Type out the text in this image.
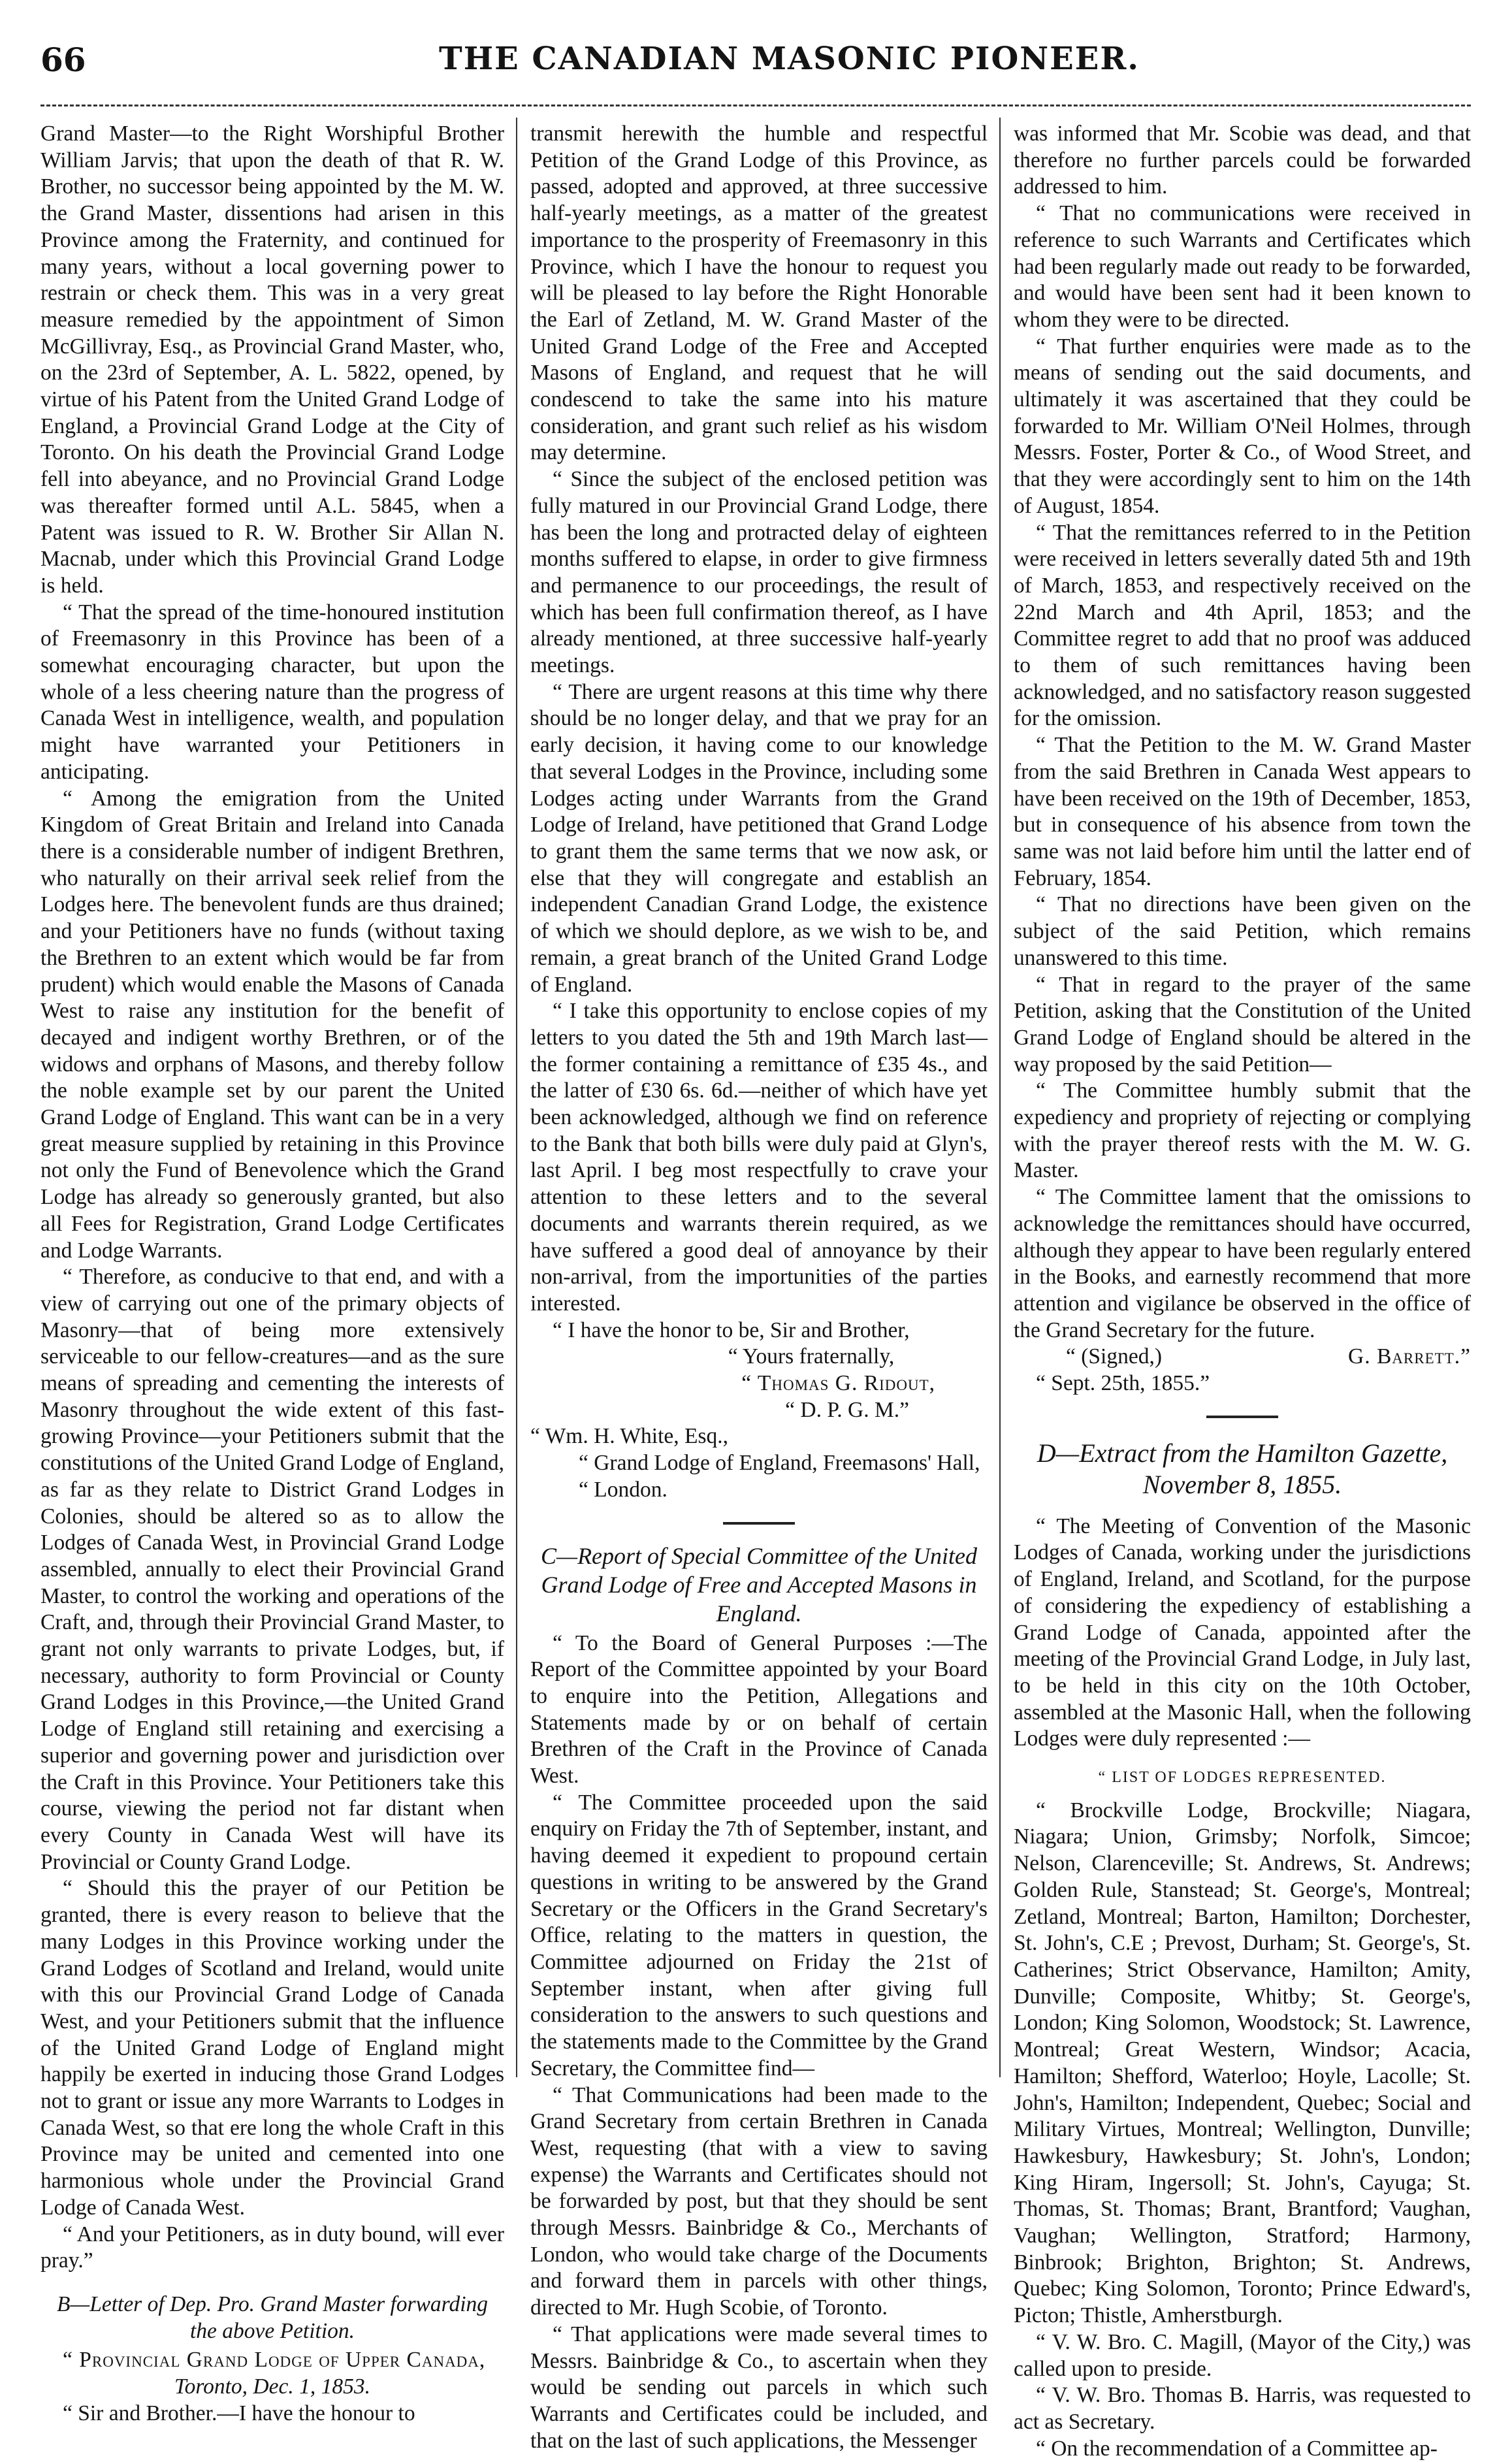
66	THE CANADIAN MASONIC PIONEER.

Grand Master—to the Right Worshipful Brother William Jarvis; that upon the death of that R. W. Brother, no successor being appointed by the M. W. the Grand Master, dissentions had arisen in this Province among the Fraternity, and continued for many years, without a local governing power to restrain or check them. This was in a very great measure remedied by the appointment of Simon McGillivray, Esq., as Provincial Grand Master, who, on the 23rd of September, A. L. 5822, opened, by virtue of his Patent from the United Grand Lodge of England, a Provincial Grand Lodge at the City of Toronto. On his death the Provincial Grand Lodge fell into abeyance, and no Provincial Grand Lodge was thereafter formed until A.L. 5845, when a Patent was issued to R. W. Brother Sir Allan N. Macnab, under which this Provincial Grand Lodge is held.

“ That the spread of the time-honoured institution of Freemasonry in this Province has been of a somewhat encouraging character, but upon the whole of a less cheering nature than the progress of Canada West in intelligence, wealth, and population might have warranted your Petitioners in anticipating.

“ Among the emigration from the United Kingdom of Great Britain and Ireland into Canada there is a considerable number of indigent Brethren, who naturally on their arrival seek relief from the Lodges here. The benevolent funds are thus drained; and your Petitioners have no funds (without taxing the Brethren to an extent which would be far from prudent) which would enable the Masons of Canada West to raise any institution for the benefit of decayed and indigent worthy Brethren, or of the widows and orphans of Masons, and thereby follow the noble example set by our parent the United Grand Lodge of England. This want can be in a very great measure supplied by retaining in this Province not only the Fund of Benevolence which the Grand Lodge has already so generously granted, but also all Fees for Registration, Grand Lodge Certificates and Lodge Warrants.

“ Therefore, as conducive to that end, and with a view of carrying out one of the primary objects of Masonry—that of being more extensively serviceable to our fellow-creatures—and as the sure means of spreading and cementing the interests of Masonry throughout the wide extent of this fast-growing Province—your Petitioners submit that the constitutions of the United Grand Lodge of England, as far as they relate to District Grand Lodges in Colonies, should be altered so as to allow the Lodges of Canada West, in Provincial Grand Lodge assembled, annually to elect their Provincial Grand Master, to control the working and operations of the Craft, and, through their Provincial Grand Master, to grant not only warrants to private Lodges, but, if necessary, authority to form Provincial or County Grand Lodges in this Province,—the United Grand Lodge of England still retaining and exercising a superior and governing power and jurisdiction over the Craft in this Province. Your Petitioners take this course, viewing the period not far distant when every County in Canada West will have its Provincial or County Grand Lodge.

“ Should this the prayer of our Petition be granted, there is every reason to believe that the many Lodges in this Province working under the Grand Lodges of Scotland and Ireland, would unite with this our Provincial Grand Lodge of Canada West, and your Petitioners submit that the influence of the United Grand Lodge of England might happily be exerted in inducing those Grand Lodges not to grant or issue any more Warrants to Lodges in Canada West, so that ere long the whole Craft in this Province may be united and cemented into one harmonious whole under the Provincial Grand Lodge of Canada West.

“ And your Petitioners, as in duty bound, will ever pray.”

B—Letter of Dep. Pro. Grand Master forwarding the above Petition.

“ Provincial Grand Lodge of Upper Canada,

Toronto, Dec. 1, 1853.

“ Sir and Brother.—I have the honour to

transmit herewith the humble and respectful Petition of the Grand Lodge of this Province, as passed, adopted and approved, at three successive half-yearly meetings, as a matter of the greatest importance to the prosperity of Freemasonry in this Province, which I have the honour to request you will be pleased to lay before the Right Honorable the Earl of Zetland, M. W. Grand Master of the United Grand Lodge of the Free and Accepted Masons of England, and request that he will condescend to take the same into his mature consideration, and grant such relief as his wisdom may determine.

“ Since the subject of the enclosed petition was fully matured in our Provincial Grand Lodge, there has been the long and protracted delay of eighteen months suffered to elapse, in order to give firmness and permanence to our proceedings, the result of which has been full confirmation thereof, as I have already mentioned, at three successive half-yearly meetings.

“ There are urgent reasons at this time why there should be no longer delay, and that we pray for an early decision, it having come to our knowledge that several Lodges in the Province, including some Lodges acting under Warrants from the Grand Lodge of Ireland, have petitioned that Grand Lodge to grant them the same terms that we now ask, or else that they will congregate and establish an independent Canadian Grand Lodge, the existence of which we should deplore, as we wish to be, and remain, a great branch of the United Grand Lodge of England.

“ I take this opportunity to enclose copies of my letters to you dated the 5th and 19th March last—the former containing a remittance of £35 4s., and the latter of £30 6s. 6d.—neither of which have yet been acknowledged, although we find on reference to the Bank that both bills were duly paid at Glyn's, last April. I beg most respectfully to crave your attention to these letters and to the several documents and warrants therein required, as we have suffered a good deal of annoyance by their non-arrival, from the importunities of the parties interested.

“ I have the honor to be, Sir and Brother,

“ Yours fraternally,

“ Thomas G. Ridout,

“ D. P. G. M.”

“ Wm. H. White, Esq.,

“ Grand Lodge of England, Freemasons' Hall,

“ London.

C—Report of Special Committee of the United Grand Lodge of Free and Accepted Masons in England.

“ To the Board of General Purposes :—The Report of the Committee appointed by your Board to enquire into the Petition, Allegations and Statements made by or on behalf of certain Brethren of the Craft in the Province of Canada West.

“ The Committee proceeded upon the said enquiry on Friday the 7th of September, instant, and having deemed it expedient to propound certain questions in writing to be answered by the Grand Secretary or the Officers in the Grand Secretary's Office, relating to the matters in question, the Committee adjourned on Friday the 21st of September instant, when after giving full consideration to the answers to such questions and the statements made to the Committee by the Grand Secretary, the Committee find—

“ That Communications had been made to the Grand Secretary from certain Brethren in Canada West, requesting (that with a view to saving expense) the Warrants and Certificates should not be forwarded by post, but that they should be sent through Messrs. Bainbridge & Co., Merchants of London, who would take charge of the Documents and forward them in parcels with other things, directed to Mr. Hugh Scobie, of Toronto.

“ That applications were made several times to Messrs. Bainbridge & Co., to ascertain when they would be sending out parcels in which such Warrants and Certificates could be included, and that on the last of such applications, the Messenger

was informed that Mr. Scobie was dead, and that therefore no further parcels could be forwarded addressed to him.

“ That no communications were received in reference to such Warrants and Certificates which had been regularly made out ready to be forwarded, and would have been sent had it been known to whom they were to be directed.

“ That further enquiries were made as to the means of sending out the said documents, and ultimately it was ascertained that they could be forwarded to Mr. William O'Neil Holmes, through Messrs. Foster, Porter & Co., of Wood Street, and that they were accordingly sent to him on the 14th of August, 1854.

“ That the remittances referred to in the Petition were received in letters severally dated 5th and 19th of March, 1853, and respectively received on the 22nd March and 4th April, 1853; and the Committee regret to add that no proof was adduced to them of such remittances having been acknowledged, and no satisfactory reason suggested for the omission.

“ That the Petition to the M. W. Grand Master from the said Brethren in Canada West appears to have been received on the 19th of December, 1853, but in consequence of his absence from town the same was not laid before him until the latter end of February, 1854.

“ That no directions have been given on the subject of the said Petition, which remains unanswered to this time.

“ That in regard to the prayer of the same Petition, asking that the Constitution of the United Grand Lodge of England should be altered in the way proposed by the said Petition—

“ The Committee humbly submit that the expediency and propriety of rejecting or complying with the prayer thereof rests with the M. W. G. Master.

“ The Committee lament that the omissions to acknowledge the remittances should have occurred, although they appear to have been regularly entered in the Books, and earnestly recommend that more attention and vigilance be observed in the office of the Grand Secretary for the future.

“ (Signed,)	G. Barrett.”

“ Sept. 25th, 1855.”

D—Extract from the Hamilton Gazette, November 8, 1855.

“ The Meeting of Convention of the Masonic Lodges of Canada, working under the jurisdictions of England, Ireland, and Scotland, for the purpose of considering the expediency of establishing a Grand Lodge of Canada, appointed after the meeting of the Provincial Grand Lodge, in July last, to be held in this city on the 10th October, assembled at the Masonic Hall, when the following Lodges were duly represented :—

“ LIST OF LODGES REPRESENTED.

“ Brockville Lodge, Brockville; Niagara, Niagara; Union, Grimsby; Norfolk, Simcoe; Nelson, Clarenceville; St. Andrews, St. Andrews; Golden Rule, Stanstead; St. George's, Montreal; Zetland, Montreal; Barton, Hamilton; Dorchester, St. John's, C.E ; Prevost, Durham; St. George's, St. Catherines; Strict Observance, Hamilton; Amity, Dunville; Composite, Whitby; St. George's, London; King Solomon, Woodstock; St. Lawrence, Montreal; Great Western, Windsor; Acacia, Hamilton; Shefford, Waterloo; Hoyle, Lacolle; St. John's, Hamilton; Independent, Quebec; Social and Military Virtues, Montreal; Wellington, Dunville; Hawkesbury, Hawkesbury; St. John's, London; King Hiram, Ingersoll; St. John's, Cayuga; St. Thomas, St. Thomas; Brant, Brantford; Vaughan, Vaughan; Wellington, Stratford; Harmony, Binbrook; Brighton, Brighton; St. Andrews, Quebec; King Solomon, Toronto; Prince Edward's, Picton; Thistle, Amherstburgh.

“ V. W. Bro. C. Magill, (Mayor of the City,) was called upon to preside.

“ V. W. Bro. Thomas B. Harris, was requested to act as Secretary.

“ On the recommendation of a Committee ap-
